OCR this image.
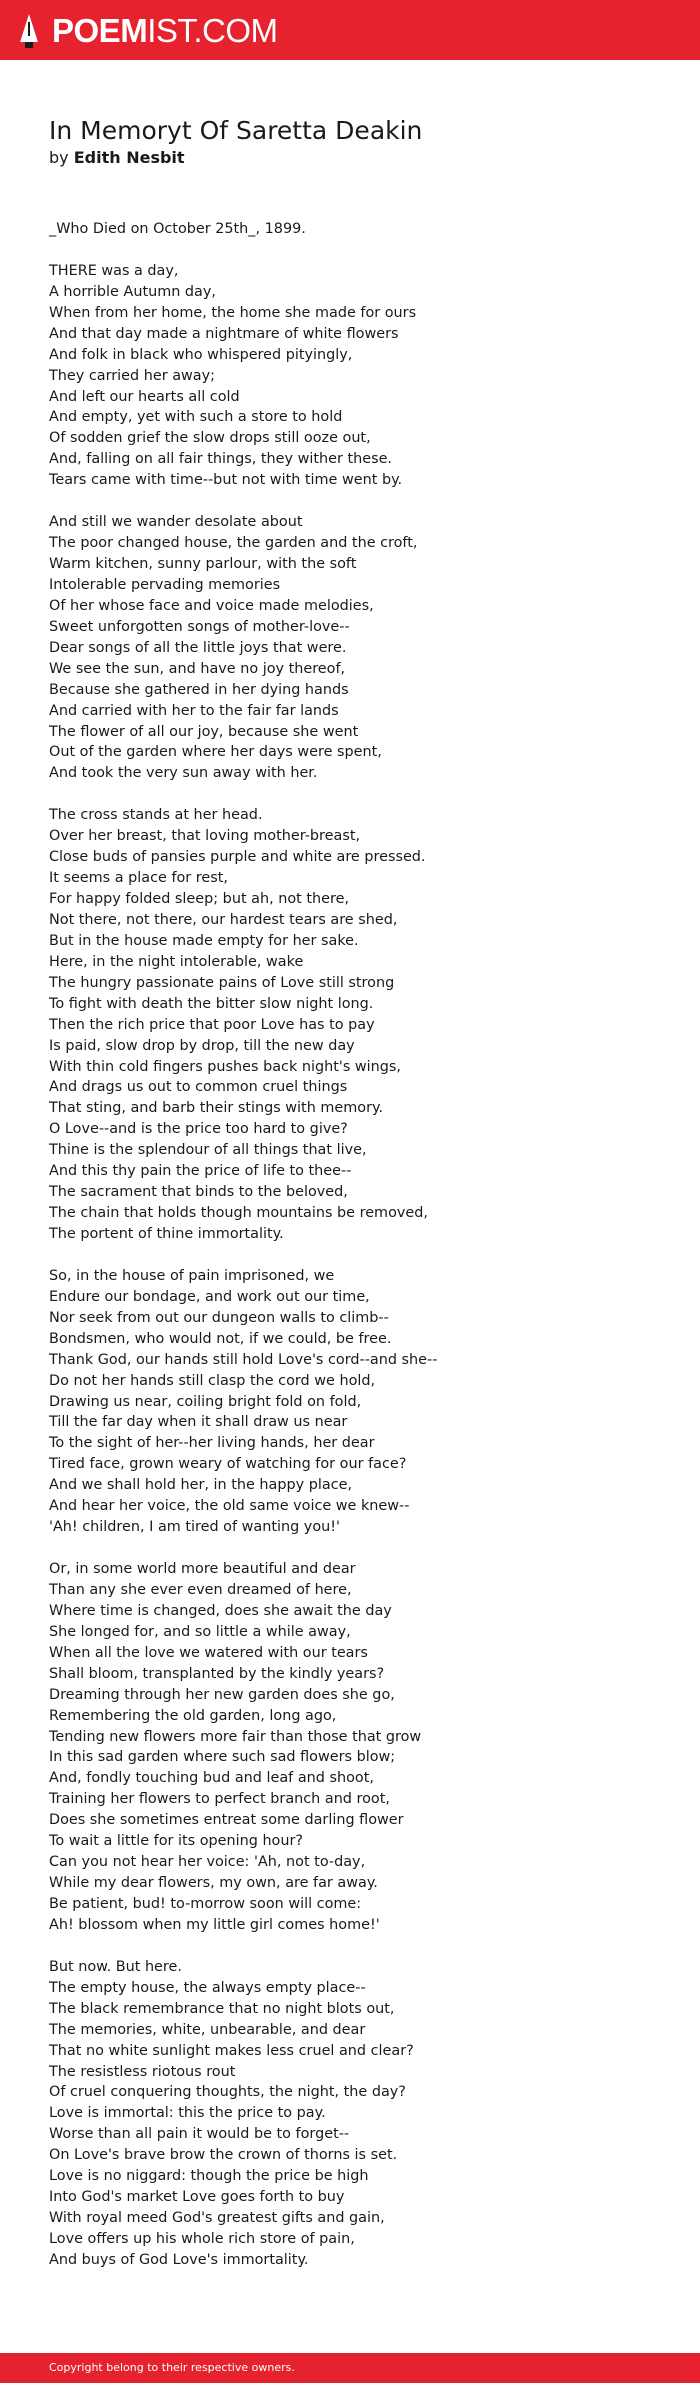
POEMIST.COM
In Memoryt Of Saretta Deakin
by Edith Nesbit
_Who Died on October 25th_, 1899.
THERE was a day,
A horrible Autumn day,
When from her home, the home she made for ours
And that day made a nightmare of white flowers
And folk in black who whispered pityingly,
They carried her away;
And left our hearts all cold
And empty, yet with such a store to hold
Of sodden grief the slow drops still ooze out,
And, falling on all fair things, they wither these.
Tears came with time--but not with time went by.
And still we wander desolate about
The poor changed house, the garden and the croft,
Warm kitchen, sunny parlour, with the soft
Intolerable pervading memories
Of her whose face and voice made melodies,
Sweet unforgotten songs of mother-love--
Dear songs of all the little joys that were.
We see the sun, and have no joy thereof,
Because she gathered in her dying hands
And carried with her to the fair far lands
The flower of all our joy, because she went
Out of the garden where her days were spent,
And took the very sun away with her.
The cross stands at her head.
Over her breast, that loving mother-breast,
Close buds of pansies purple and white are pressed.
It seems a place for rest,
For happy folded sleep; but ah, not there,
Not there, not there, our hardest tears are shed,
But in the house made empty for her sake.
Here, in the night intolerable, wake
The hungry passionate pains of Love still strong
To fight with death the bitter slow night long.
Then the rich price that poor Love has to pay
Is paid, slow drop by drop, till the new day
With thin cold fingers pushes back night's wings,
And drags us out to common cruel things
That sting, and barb their stings with memory.
O Love--and is the price too hard to give?
Thine is the splendour of all things that live,
And this thy pain the price of life to thee--
The sacrament that binds to the beloved,
The chain that holds though mountains be removed,
The portent of thine immortality.
So, in the house of pain imprisoned, we
Endure our bondage, and work out our time,
Nor seek from out our dungeon walls to climb--
Bondsmen, who would not, if we could, be free.
Thank God, our hands still hold Love's cord--and she--
Do not her hands still clasp the cord we hold,
Drawing us near, coiling bright fold on fold,
Till the far day when it shall draw us near
To the sight of her--her living hands, her dear
Tired face, grown weary of watching for our face?
And we shall hold her, in the happy place,
And hear her voice, the old same voice we knew--
'Ah! children, I am tired of wanting you!'
Or, in some world more beautiful and dear
Than any she ever even dreamed of here,
Where time is changed, does she await the day
She longed for, and so little a while away,
When all the love we watered with our tears
Shall bloom, transplanted by the kindly years?
Dreaming through her new garden does she go,
Remembering the old garden, long ago,
Tending new flowers more fair than those that grow
In this sad garden where such sad flowers blow;
And, fondly touching bud and leaf and shoot,
Training her flowers to perfect branch and root,
Does she sometimes entreat some darling flower
To wait a little for its opening hour?
Can you not hear her voice: 'Ah, not to-day,
While my dear flowers, my own, are far away.
Be patient, bud! to-morrow soon will come:
Ah! blossom when my little girl comes home!'
But now. But here.
The empty house, the always empty place--
The black remembrance that no night blots out,
The memories, white, unbearable, and dear
That no white sunlight makes less cruel and clear?
The resistless riotous rout
Of cruel conquering thoughts, the night, the day?
Love is immortal: this the price to pay.
Worse than all pain it would be to forget--
On Love's brave brow the crown of thorns is set.
Love is no niggard: though the price be high
Into God's market Love goes forth to buy
With royal meed God's greatest gifts and gain,
Love offers up his whole rich store of pain,
And buys of God Love's immortality.
Copyright belong to their respective owners.
